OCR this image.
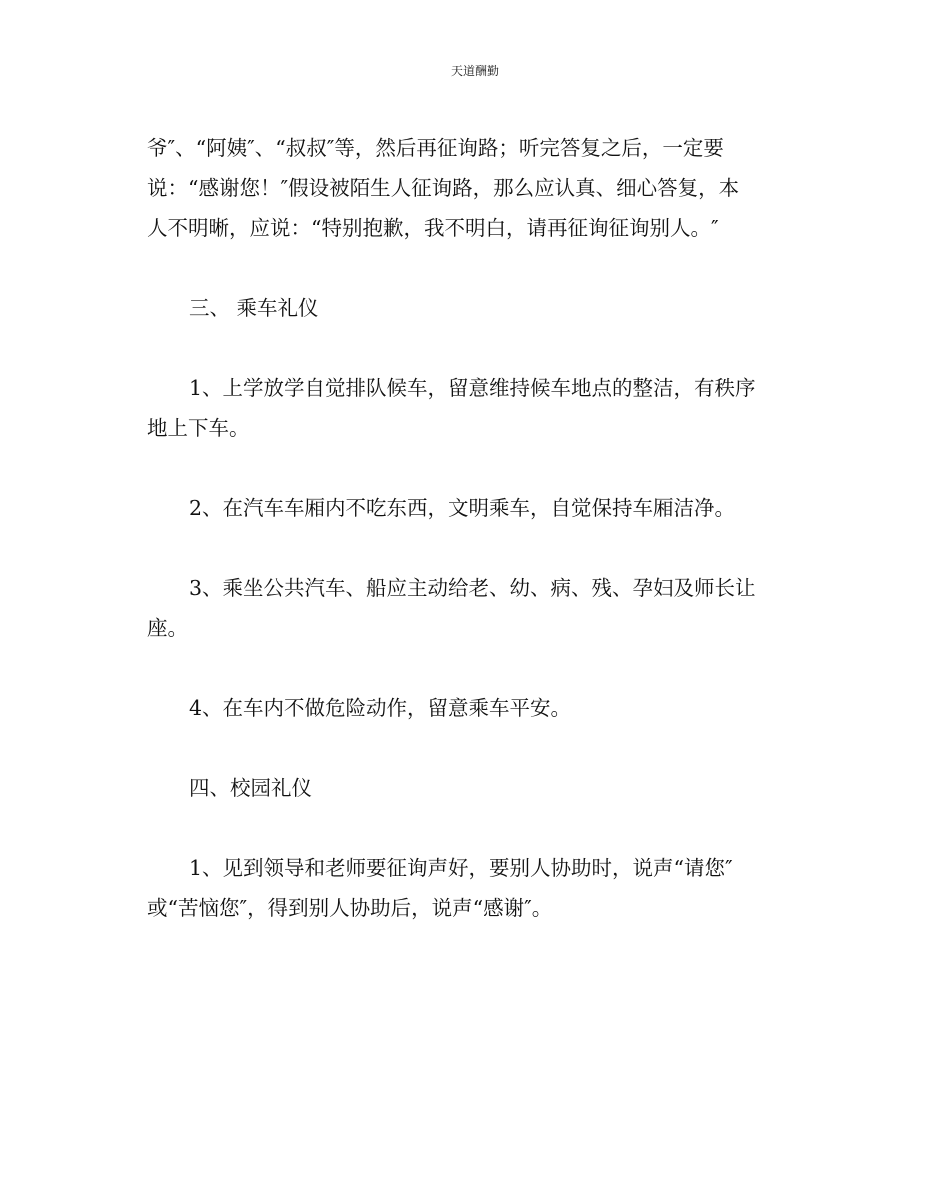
天道酬勤
爷″、“阿姨″、“叔叔″等，然后再征询路；听完答复之后，一定要
说：“感谢您！″假设被陌生人征询路，那么应认真、细心答复，本
人不明晰，应说：“特别抱歉，我不明白，请再征询征询别人。″
三、 乘车礼仪
1、上学放学自觉排队候车，留意维持候车地点的整洁，有秩序
地上下车。
2、在汽车车厢内不吃东西，文明乘车，自觉保持车厢洁净。
3、乘坐公共汽车、船应主动给老、幼、病、残、孕妇及师长让
座。
4、在车内不做危险动作，留意乘车平安。
四、校园礼仪
1、见到领导和老师要征询声好，要别人协助时，说声“请您″
或“苦恼您″，得到别人协助后，说声“感谢″。
